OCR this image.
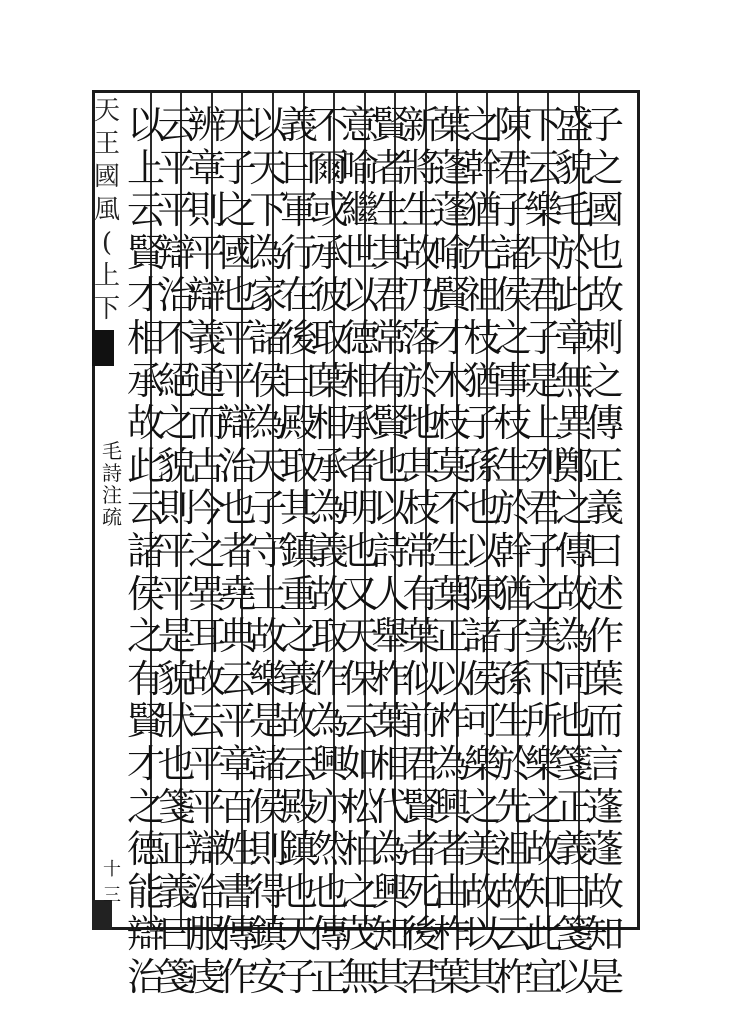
天
王
國
風
(
上
下
毛
詩
注
疏
十三
子
之
國
也
故
刺
之
傳
正
義
曰
述
作
葉
而
言
蓬
蓬
故
知
是
盛
貌
毛
於
此
章
無
異
鄭
之
傳
故
為
同
也
箋
正
義
曰
箋
以
下
云
樂
只
君
子
是
上
列
君
子
之
美
下
所
樂
之
故
知
此
宜
陳
君
子
諸
侯
之
事
枝
生
於
幹
猶
子
孫
生
於
先
祖
故
云
柞
之
幹
猶
先
祖
枝
猶
子
孫
也
以
陳
諸
侯
可
樂
之
美
故
以
其
葉
蓬
蓬
喻
賢
才
木
枝
莫
不
生
葉
正
以
柞
為
興
者
由
柞
葉
新
將
生
故
乃
落
於
地
其
枝
常
有
葉
似
前
君
賢
者
死
後
君
賢
者
生
其
君
常
有
賢
也
以
詩
人
舉
柞
葉
相
代
為
興
知
其
意
喻
繼
世
以
德
相
承
者
明
也
又
天
保
云
如
松
柏
之
茂
無
不
爾
或
承
彼
取
葉
相
承
為
義
故
取
作
為
興
亦
然
也
傳
正
義
曰
軍
行
在
後
曰
殿
取
其
鎮
重
之
義
故
云
殿
鎮
也
天
子
以
天
下
為
家
諸
侯
為
天
子
守
土
故
樂
是
諸
侯
則
得
鎮
安
天
子
之
國
也
平
平
辯
治
也
者
堯
典
云
平
章
百
姓
書
傳
作
辨
章
則
平
辯
義
通
而
古
今
之
異
耳
故
云
平
平
辯
治
服
虔
云
平
平
辯
治
不
絕
之
貌
則
平
平
是
貌
狀
也
箋
正
義
曰
箋
以
上
云
賢
才
相
承
故
此
云
諸
侯
之
有
賢
才
之
德
能
辯
治
